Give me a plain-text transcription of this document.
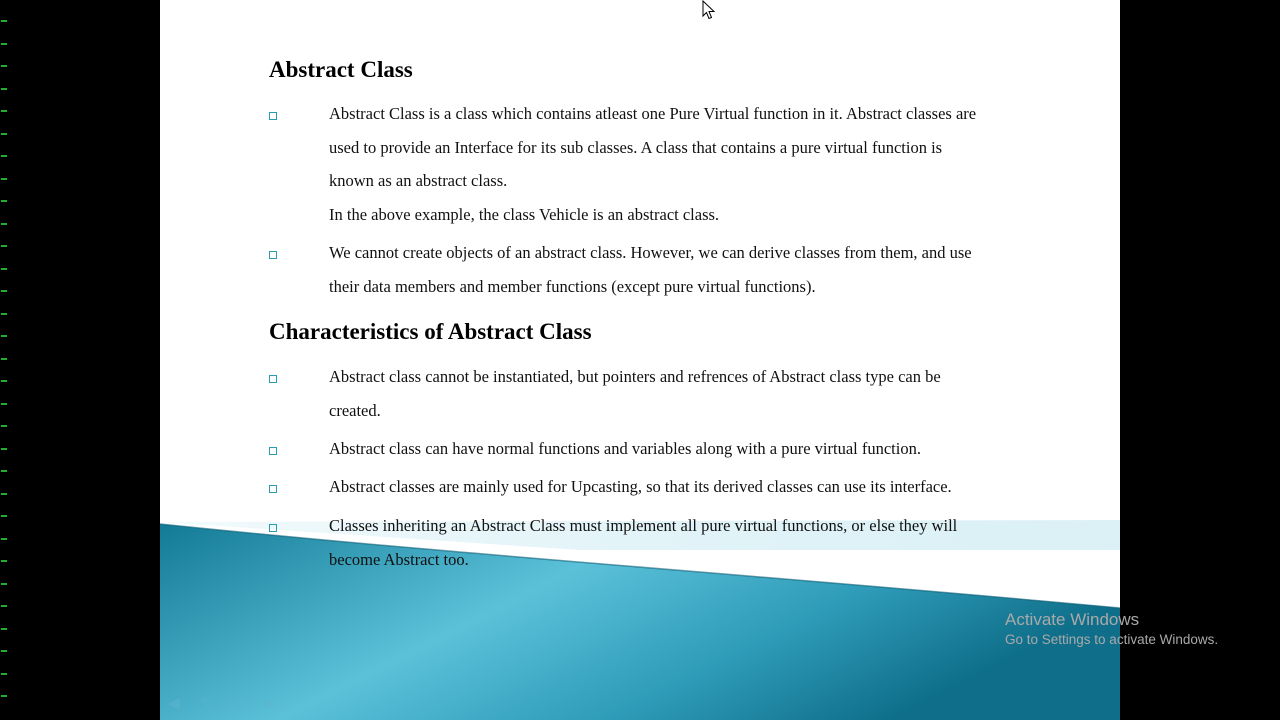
Abstract Class

Abstract Class is a class which contains atleast one Pure Virtual function in it. Abstract classes are
used to provide an Interface for its sub classes. A class that contains a pure virtual function is
known as an abstract class.
In the above example, the class Vehicle is an abstract class.

We cannot create objects of an abstract class. However, we can derive classes from them, and use
their data members and member functions (except pure virtual functions).

Characteristics of Abstract Class

Abstract class cannot be instantiated, but pointers and refrences of Abstract class type can be
created.

Abstract class can have normal functions and variables along with a pure virtual function.

Abstract classes are mainly used for Upcasting, so that its derived classes can use its interface.

Classes inheriting an Abstract Class must implement all pure virtual functions, or else they will
become Abstract too.

◀ ✎ ▭ ▶
Activate Windows
Go to Settings to activate Windows.
